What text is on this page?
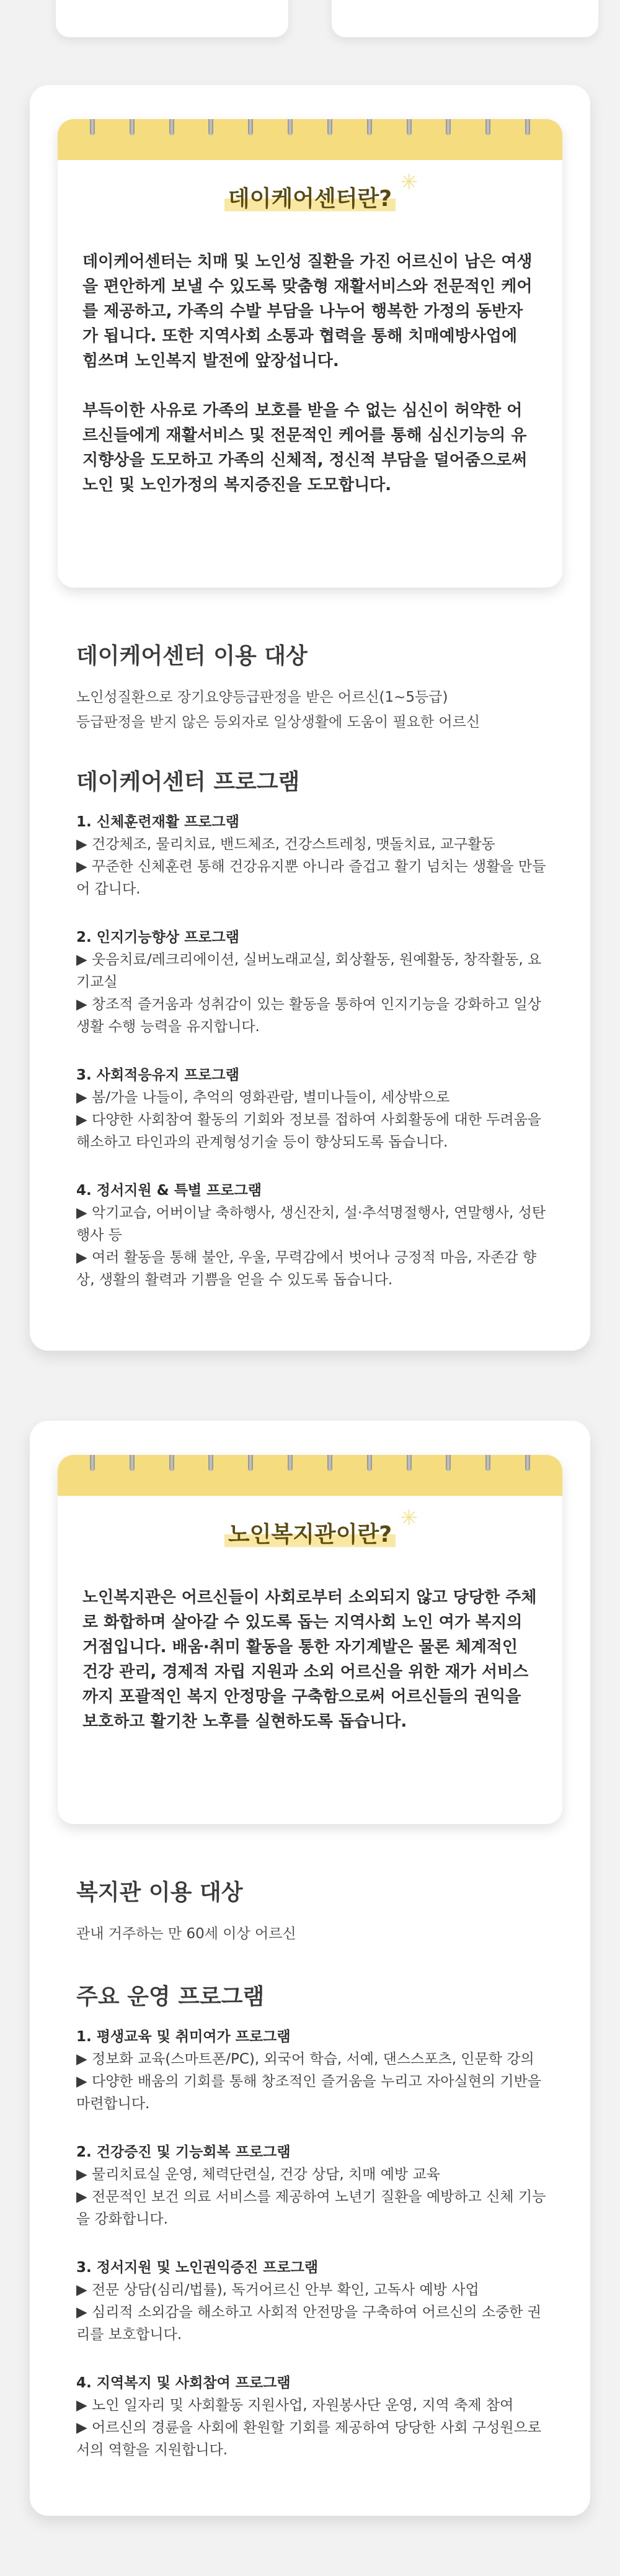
데이케어센터란?
✳

데이케어센터는 치매 및 노인성 질환을 가진 어르신이 남은 여생을 편안하게 보낼 수 있도록 맞춤형 재활서비스와 전문적인 케어를 제공하고, 가족의 수발 부담을 나누어 행복한 가정의 동반자가 됩니다. 또한 지역사회 소통과 협력을 통해 치매예방사업에 힘쓰며 노인복지 발전에 앞장섭니다.

부득이한 사유로 가족의 보호를 받을 수 없는 심신이 허약한 어르신들에게 재활서비스 및 전문적인 케어를 통해 심신기능의 유지향상을 도모하고 가족의 신체적, 정신적 부담을 덜어줌으로써 노인 및 노인가정의 복지증진을 도모합니다.

데이케어센터 이용 대상
노인성질환으로 장기요양등급판정을 받은 어르신(1~5등급)
등급판정을 받지 않은 등외자로 일상생활에 도움이 필요한 어르신
데이케어센터 프로그램
1. 신체훈련재활 프로그램
▶ 건강체조, 물리치료, 밴드체조, 건강스트레칭, 맷돌치료, 교구활동
▶ 꾸준한 신체훈련 통해 건강유지뿐 아니라 즐겁고 활기 넘치는 생활을 만들어 갑니다.
2. 인지기능향상 프로그램
▶ 웃음치료/레크리에이션, 실버노래교실, 회상활동, 원예활동, 창작활동, 요기교실
▶ 창조적 즐거움과 성취감이 있는 활동을 통하여 인지기능을 강화하고 일상생활 수행 능력을 유지합니다.
3. 사회적응유지 프로그램
▶ 봄/가을 나들이, 추억의 영화관람, 별미나들이, 세상밖으로
▶ 다양한 사회참여 활동의 기회와 정보를 접하여 사회활동에 대한 두려움을 해소하고 타인과의 관계형성기술 등이 향상되도록 돕습니다.
4. 정서지원 & 특별 프로그램
▶ 악기교습, 어버이날 축하행사, 생신잔치, 설·추석명절행사, 연말행사, 성탄행사 등
▶ 여러 활동을 통해 불안, 우울, 무력감에서 벗어나 긍정적 마음, 자존감 향상, 생활의 활력과 기쁨을 얻을 수 있도록 돕습니다.
노인복지관이란?
✳

노인복지관은 어르신들이 사회로부터 소외되지 않고 당당한 주체로 화합하며 살아갈 수 있도록 돕는 지역사회 노인 여가 복지의 거점입니다. 배움·취미 활동을 통한 자기계발은 물론 체계적인 건강 관리, 경제적 자립 지원과 소외 어르신을 위한 재가 서비스까지 포괄적인 복지 안정망을 구축함으로써 어르신들의 권익을 보호하고 활기찬 노후를 실현하도록 돕습니다.

복지관 이용 대상
관내 거주하는 만 60세 이상 어르신
주요 운영 프로그램
1. 평생교육 및 취미여가 프로그램
▶ 정보화 교육(스마트폰/PC), 외국어 학습, 서예, 댄스스포츠, 인문학 강의
▶ 다양한 배움의 기회를 통해 창조적인 즐거움을 누리고 자아실현의 기반을 마련합니다.
2. 건강증진 및 기능회복 프로그램
▶ 물리치료실 운영, 체력단련실, 건강 상담, 치매 예방 교육
▶ 전문적인 보건 의료 서비스를 제공하여 노년기 질환을 예방하고 신체 기능을 강화합니다.
3. 정서지원 및 노인권익증진 프로그램
▶ 전문 상담(심리/법률), 독거어르신 안부 확인, 고독사 예방 사업
▶ 심리적 소외감을 해소하고 사회적 안전망을 구축하여 어르신의 소중한 권리를 보호합니다.
4. 지역복지 및 사회참여 프로그램
▶ 노인 일자리 및 사회활동 지원사업, 자원봉사단 운영, 지역 축제 참여
▶ 어르신의 경륜을 사회에 환원할 기회를 제공하여 당당한 사회 구성원으로서의 역할을 지원합니다.
